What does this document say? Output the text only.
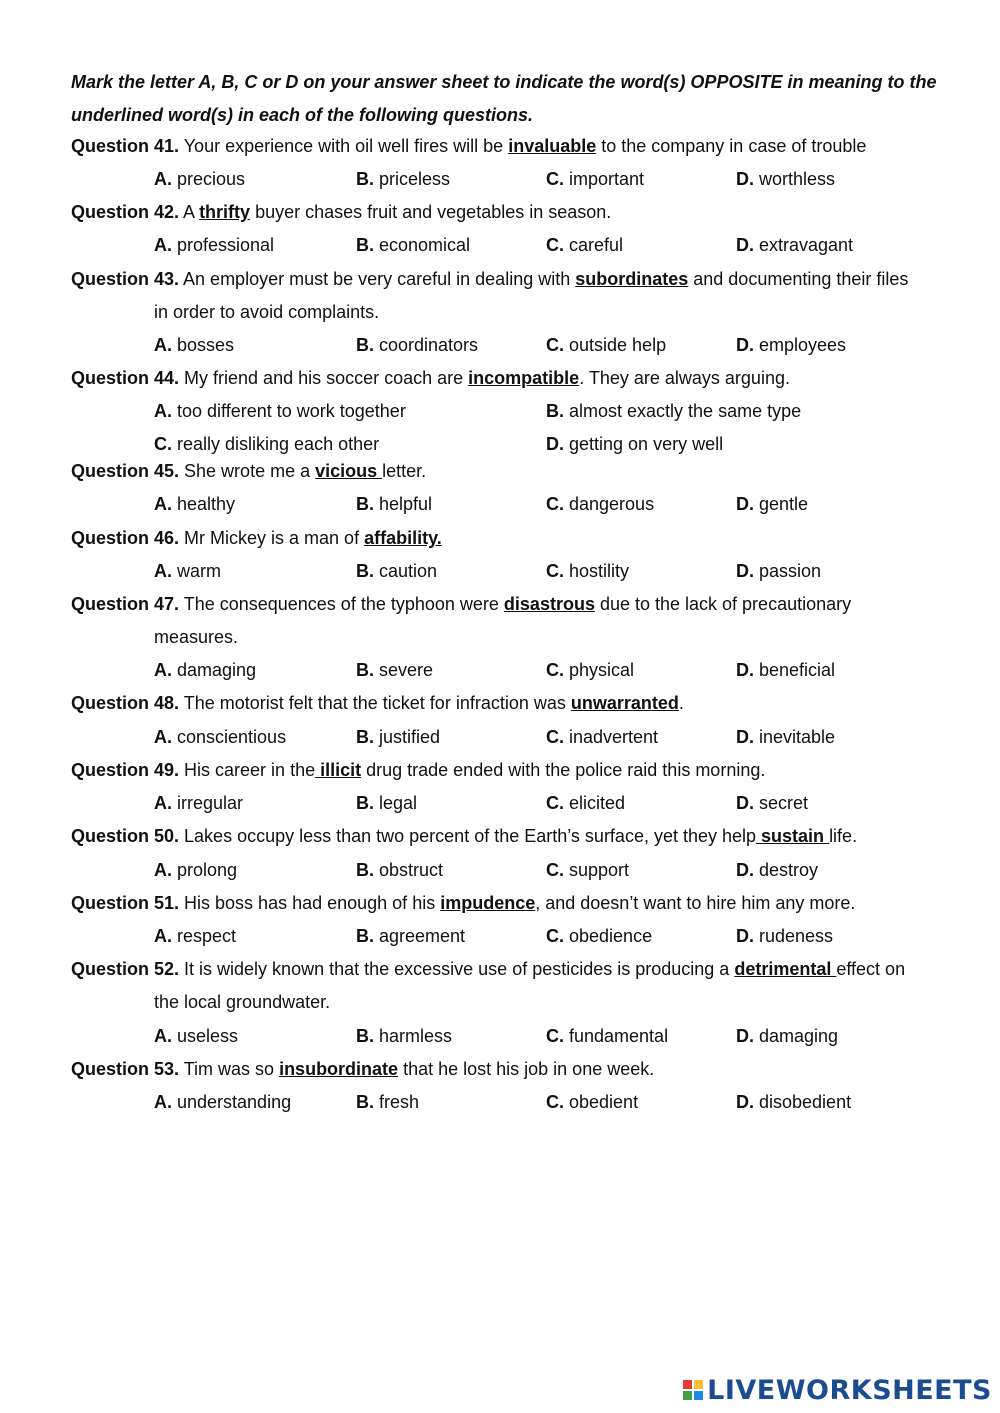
Mark the letter A, B, C or D on your answer sheet to indicate the word(s) OPPOSITE in meaning to the underlined word(s) in each of the following questions.
Question 41. Your experience with oil well fires will be invaluable to the company in case of trouble
A. precious	B. priceless	C. important	D. worthless
Question 42. A thrifty buyer chases fruit and vegetables in season.
A. professional	B. economical	C. careful	D. extravagant
Question 43. An employer must be very careful in dealing with subordinates and documenting their files
in order to avoid complaints.
A. bosses	B. coordinators	C. outside help	D. employees
Question 44. My friend and his soccer coach are incompatible. They are always arguing.
A. too different to work together	B. almost exactly the same type
C. really disliking each other	D. getting on very well
Question 45. She wrote me a vicious letter.
A. healthy	B. helpful	C. dangerous	D. gentle
Question 46. Mr Mickey is a man of affability.
A. warm	B. caution	C. hostility	D. passion
Question 47. The consequences of the typhoon were disastrous due to the lack of precautionary
measures.
A. damaging	B. severe	C. physical	D. beneficial
Question 48. The motorist felt that the ticket for infraction was unwarranted.
A. conscientious	B. justified	C. inadvertent	D. inevitable
Question 49. His career in the illicit drug trade ended with the police raid this morning.
A. irregular	B. legal	C. elicited	D. secret
Question 50. Lakes occupy less than two percent of the Earth’s surface, yet they help sustain life.
A. prolong	B. obstruct	C. support	D. destroy
Question 51. His boss has had enough of his impudence, and doesn’t want to hire him any more.
A. respect	B. agreement	C. obedience	D. rudeness
Question 52. It is widely known that the excessive use of pesticides is producing a detrimental effect on
the local groundwater.
A. useless	B. harmless	C. fundamental	D. damaging
Question 53. Tim was so insubordinate that he lost his job in one week.
A. understanding	B. fresh	C. obedient	D. disobedient
LIVEWORKSHEETS
